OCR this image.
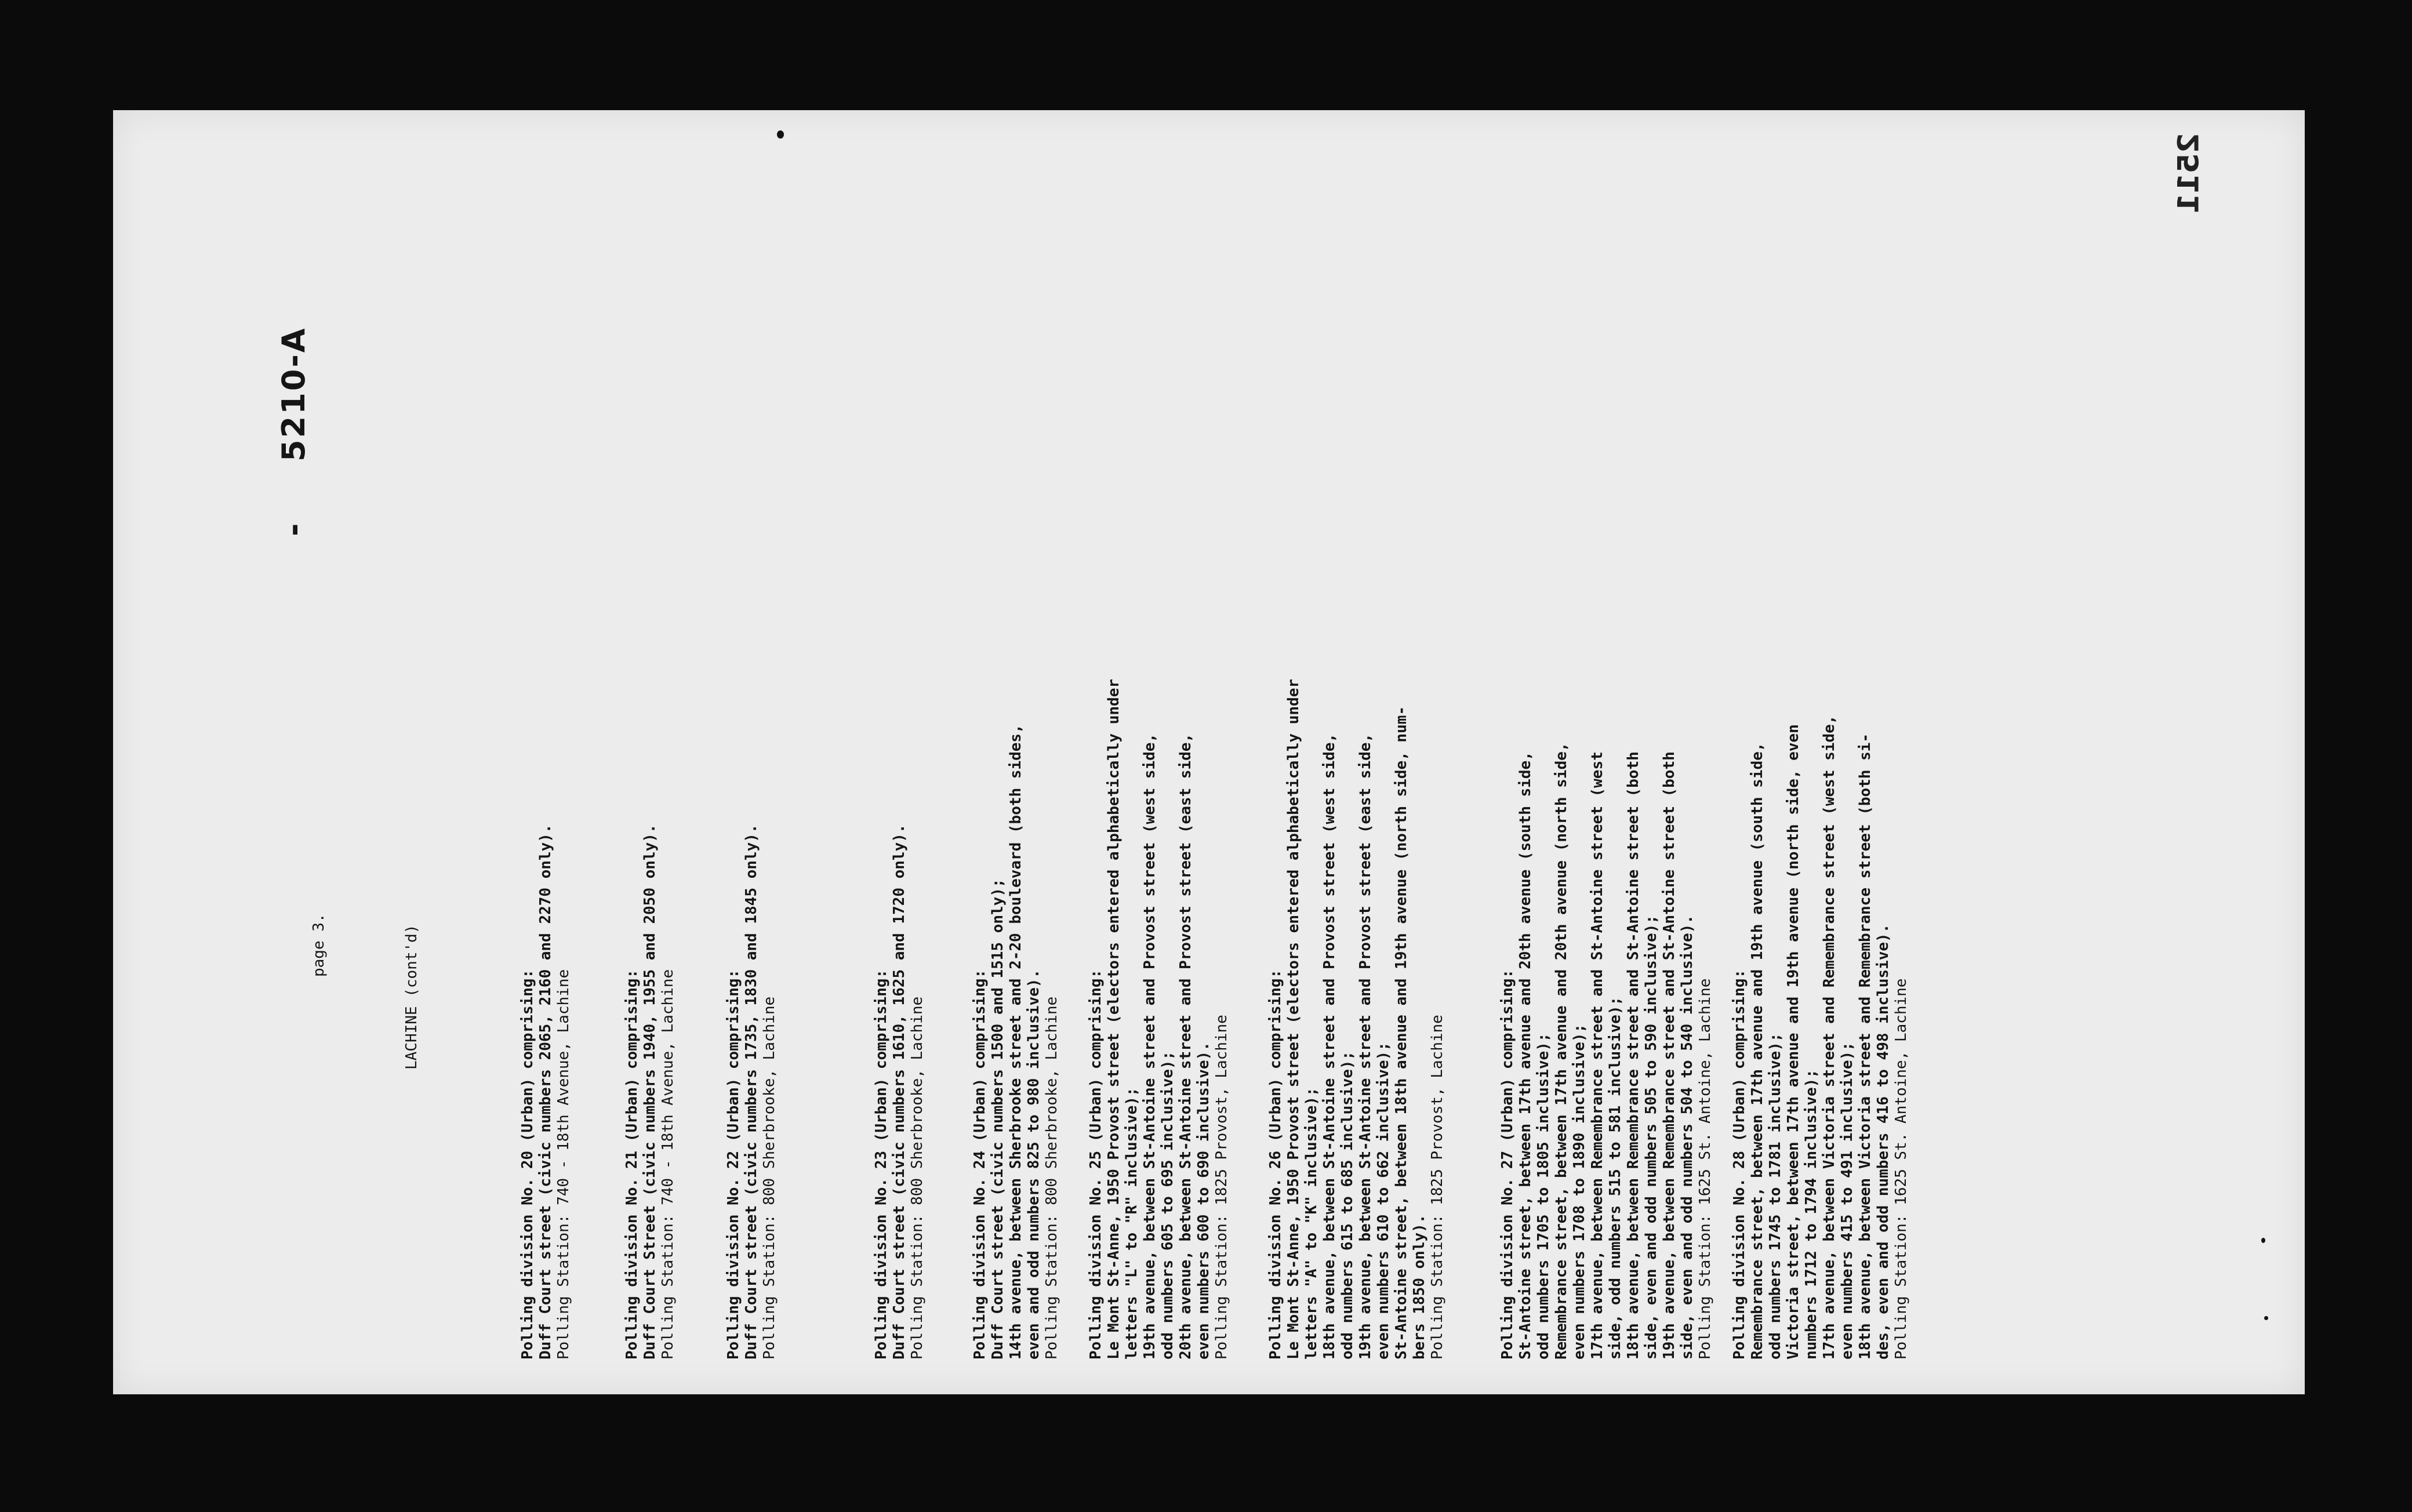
-  5210-A
page 3.	LACHINE (cont'd)	Polling division No. 20 (Urban) comprising: Duff Court street (civic numbers 2065, 2160 and 2270 only). Polling Station: 740 - 18th Avenue, Lachine	Polling division No. 21 (Urban) comprising: Duff Court Street (civic numbers 1940, 1955 and 2050 only). Polling Station: 740 - 18th Avenue, Lachine	Polling division No. 22 (Urban) comprising: Duff Court street (civic numbers 1735, 1830 and 1845 only). Polling Station: 800 Sherbrooke, Lachine	Polling division No. 23 (Urban) comprising: Duff Court street (civic numbers 1610, 1625 and 1720 only). Polling Station: 800 Sherbrooke, Lachine	Polling division No. 24 (Urban) comprising: Duff Court street (civic numbers 1500 and 1515 only); 14th avenue, between Sherbrooke street and 2-20 boulevard (both sides, even and odd numbers 825 to 980 inclusive). Polling Station: 800 Sherbrooke, Lachine Polling division No. 25 (Urban) comprising: Le Mont St-Anne, 1950 Provost street (electors entered alphabetically under letters "L" to "R" inclusive); 19th avenue, between St-Antoine street and Provost street (west side, odd numbers 605 to 695 inclusive); 20th avenue, between St-Antoine street and Provost street (east side, even numbers 600 to 690 inclusive). Polling Station: 1825 Provost, Lachine Polling division No. 26 (Urban) comprising: Le Mont St-Anne, 1950 Provost street (electors entered alphabetically under letters "A" to "K" inclusive); 18th avenue, between St-Antoine street and Provost street (west side, odd numbers 615 to 685 inclusive); 19th avenue, between St-Antoine street and Provost street (east side, even numbers 610 to 662 inclusive); St-Antoine street, between 18th avenue and 19th avenue (north side, num- bers 1850 only). Polling Station: 1825 Provost, Lachine	Polling division No. 27 (Urban) comprising: St-Antoine street, between 17th avenue and 20th avenue (south side, odd numbers 1705 to 1805 inclusive); Remembrance street, between 17th avenue and 20th avenue (north side, even numbers 1708 to 1890 inclusive); 17th avenue, between Remembrance street and St-Antoine street (west side, odd numbers 515 to 581 inclusive); 18th avenue, between Remembrance street and St-Antoine street (both side, even and odd numbers 505 to 590 inclusive); 19th avenue, between Remembrance street and St-Antoine street (both side, even and odd numbers 504 to 540 inclusive). Polling Station: 1625 St. Antoine, Lachine Polling division No. 28 (Urban) comprising: Remembrance street, between 17th avenue and 19th avenue (south side, odd numbers 1745 to 1781 inclusive); Victoria street, between 17th avenue and 19th avenue (north side, even numbers 1712 to 1794 inclusive); 17th avenue, between Victoria street and Remembrance street (west side, even numbers 415 to 491 inclusive); 18th avenue, between Victoria street and Remembrance street (both si- des, even and odd numbers 416 to 498 inclusive). Polling Station: 1625 St. Antoine, Lachine
2511
